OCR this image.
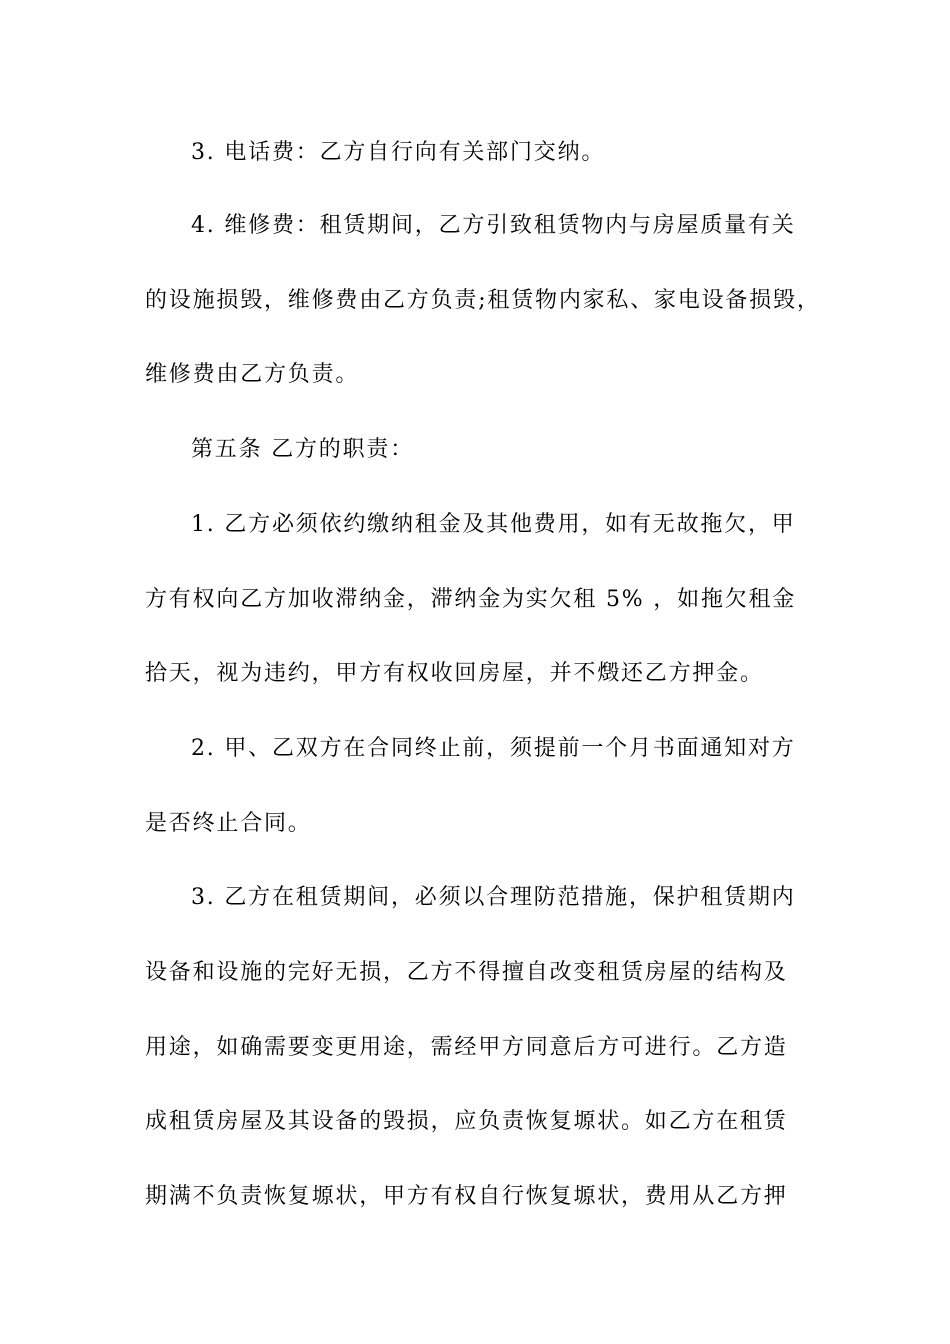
3. 电话费：乙方自行向有关部门交纳。
4. 维修费：租赁期间，乙方引致租赁物内与房屋质量有关
的设施损毁，维修费由乙方负责;租赁物内家私、家电设备损毁，
维修费由乙方负责。
第五条 乙方的职责：
1. 乙方必须依约缴纳租金及其他费用，如有无故拖欠，甲
方有权向乙方加收滞纳金，滞纳金为实欠租 5% ，如拖欠租金
拾天，视为违约，甲方有权收回房屋，并不燬还乙方押金。
2. 甲、乙双方在合同终止前，须提前一个月书面通知对方
是否终止合同。
3. 乙方在租赁期间，必须以合理防范措施，保护租赁期内
设备和设施的完好无损，乙方不得擅自改变租赁房屋的结构及
用途，如确需要变更用途，需经甲方同意后方可进行。乙方造
成租赁房屋及其设备的毁损，应负责恢复塬状。如乙方在租赁
期满不负责恢复塬状，甲方有权自行恢复塬状，费用从乙方押
